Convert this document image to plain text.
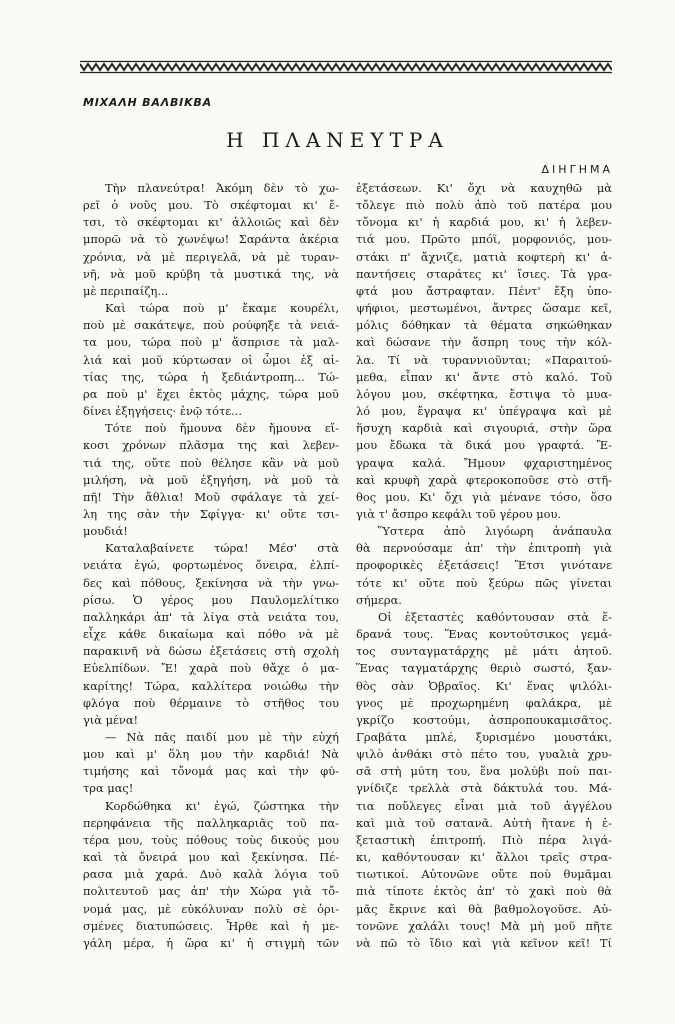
ΜΙΧΑΛΗ ΒΑΛΒΙΚΒΑ
Η ΠΛΑΝΕΥΤΡΑ
ΔΙΗΓΗΜΑ

Τὴν πλανεύτρα! Ἀκόμη δὲν τὸ χω-

ρεῖ ὁ νοῦς μου. Τὸ σκέφτομαι κι' ἔ-

τσι, τὸ σκέφτομαι κι' ἀλλοιῶς καὶ δὲν

μπορῶ νὰ τὸ χωνέψω! Σαράντα ἀκέρια

χρόνια, νὰ μὲ περιγελᾶ, νὰ μὲ τυραν-

νῆ, νὰ μοῦ κρύβη τὰ μυστικά της, νὰ

μὲ περιπαίζη...

Καὶ τώρα ποὺ μ' ἔκαμε κουρέλι,

ποὺ μὲ σακάτεψε, ποὺ ρούφηξε τὰ νειά-

τα μου, τώρα ποὺ μ' ἄσπρισε τὰ μαλ-

λιά καὶ μοῦ κύρτωσαν οἱ ὦμοι ἐξ αἰ-

τίας της, τώρα ἡ ξεδιάντροπη... Τώ-

ρα ποὺ μ' ἔχει ἐκτὸς μάχης, τώρα μοῦ

δίνει ἐξηγήσεις· ἐνῷ τότε...

Τότε ποὺ ἤμουνα δὲν ἤμουνα εἴ-

κοσι χρόνων πλᾶσμα της καὶ λεβεν-

τιά της, οὔτε ποὺ θέλησε κἂν νὰ μοῦ

μιλήση, νὰ μοῦ ἐξηγήση, νὰ μοῦ τὰ

πῆ! Τὴν ἄθλια! Μοῦ σφάλαγε τὰ χεί-

λη της σὰν τὴν Σφίγγα· κι' οὔτε τσι-

μουδιά!

Καταλαβαίνετε τώρα! Μέσ' στὰ

νειάτα ἐγώ, φορτωμένος ὄνειρα, ἐλπί-

δες καὶ πόθους, ξεκίνησα νὰ τὴν γνω-

ρίσω. Ὁ γέρος μου Παυλομελίτικο

παλληκάρι ἀπ' τὰ λίγα στὰ νειάτα του,

εἶχε κάθε δικαίωμα καὶ πόθο νὰ μὲ

παρακινῆ νὰ δώσω ἐξετάσεις στὴ σχολὴ

Εὐελπίδων. Ἔ! χαρὰ ποὺ θἄχε ὁ μα-

καρίτης! Τώρα, καλλίτερα νοιώθω τὴν

φλόγα ποὺ θέρμαινε τὸ στῆθος του

γιὰ μένα!

— Νὰ πᾶς παιδί μου μὲ τὴν εὐχή

μου καὶ μ' ὅλη μου τὴν καρδιά! Νὰ

τιμήσης καὶ τὄνομά μας καὶ τὴν φύ-

τρα μας!

Κορδώθηκα κι' ἐγώ, ζώστηκα τὴν

περηφάνεια τῆς παλληκαριᾶς τοῦ πα-

τέρα μου, τοὺς πόθους τοὺς δικούς μου

καὶ τὰ ὄνειρά μου καὶ ξεκίνησα. Πέ-

ρασα μιὰ χαρά. Δυὸ καλὰ λόγια τοῦ

πολιτευτοῦ μας ἀπ' τὴν Χώρα γιὰ τὄ-

νομά μας, μὲ εὐκόλυναν πολὺ σὲ ὁρι-

σμένες διατυπώσεις. Ἦρθε καὶ ἡ με-

γάλη μέρα, ἡ ὥρα κι' ἡ στιγμὴ τῶν

ἐξετάσεων. Κι' ὄχι νὰ καυχηθῶ μὰ

τὄλεγε πιὸ πολὺ ἀπὸ τοῦ πατέρα μου

τὄνομα κι' ἡ καρδιά μου, κι' ἡ λεβεν-

τιά μου. Πρῶτο μπόϊ, μορφονιός, μου-

στάκι π' ἄχνιζε, ματιὰ κοφτερὴ κι' ἀ-

παντήσεις σταράτες κι' ἴσιες. Τὰ γρα-

φτά μου ἄστραφταν. Πέντ' ἔξη ὑπο-

ψήφιοι, μεστωμένοι, ἄντρες ὥσαμε κεῖ,

μόλις δόθηκαν τὰ θέματα σηκώθηκαν

καὶ δώσανε τὴν ἄσπρη τους τὴν κόλ-

λα. Τί νὰ τυραννιοῦνται; «Παραιτού-

μεθα, εἶπαν κι' ἄντε στὸ καλό. Τοῦ

λόγου μου, σκέφτηκα, ἔστιψα τὸ μυα-

λό μου, ἔγραψα κι' ὑπέγραψα καὶ μὲ

ἥσυχη καρδιὰ καὶ σιγουριά, στὴν ὥρα

μου ἔδωκα τὰ δικά μου γραφτά. Ἔ-

γραψα καλά. Ἤμουν φχαριστημένος

καὶ κρυφὴ χαρὰ φτεροκοποῦσε στὸ στῆ-

θος μου. Κι' ὄχι γιὰ μένανε τόσο, ὅσο

γιὰ τ' ἄσπρο κεφάλι τοῦ γέρου μου.

Ὕστερα ἀπὸ λιγόωρη ἀνάπαυλα

θὰ περνούσαμε ἀπ' τὴν ἐπιτροπὴ γιὰ

προφορικὲς ἐξετάσεις! Ἔτσι γινότανε

τότε κι' οὔτε ποὺ ξεύρω πῶς γίνεται

σήμερα.

Οἱ ἐξεταστὲς καθόντουσαν στὰ ἕ-

δρανά τους. Ἕνας κοντούτσικος γεμά-

τος συνταγματάρχης μὲ μάτι ἀητοῦ.

Ἕνας ταγματάρχης θεριὸ σωστό, ξαν-

θὸς σὰν Ὀβραῖος. Κι' ἕνας ψιλόλι-

γνος μὲ προχωρημένη φαλάκρα, μὲ

γκρίζο κοστούμι, ἀσπροπουκαμισᾶτος.

Γραβάτα μπλέ, ξυρισμένο μουστάκι,

ψιλὸ ἀνθάκι στὸ πέτο του, γυαλιὰ χρυ-

σᾶ στὴ μύτη του, ἕνα μολύβι ποὺ παι-

γνίδιζε τρελλὰ στὰ δάκτυλά του. Μά-

τια ποὔλεγες εἶναι μιὰ τοῦ ἀγγέλου

καὶ μιὰ τοῦ σατανᾶ. Αὐτὴ ἤτανε ἡ ἐ-

ξεταστικὴ ἐπιτροπή. Πιὸ πέρα λιγά-

κι, καθόντουσαν κι' ἄλλοι τρεῖς στρα-

τιωτικοί. Αὐτονῶνε οὔτε ποὺ θυμᾶμαι

πιὰ τίποτε ἐκτὸς ἀπ' τὸ χακὶ ποὺ θὰ

μᾶς ἔκρινε καὶ θὰ βαθμολογοῦσε. Αὐ-

τονῶνε χαλάλι τους! Μὰ μὴ μοῦ πῆτε

νὰ πῶ τὸ ἴδιο καὶ γιὰ κεῖνον κεῖ! Τί
